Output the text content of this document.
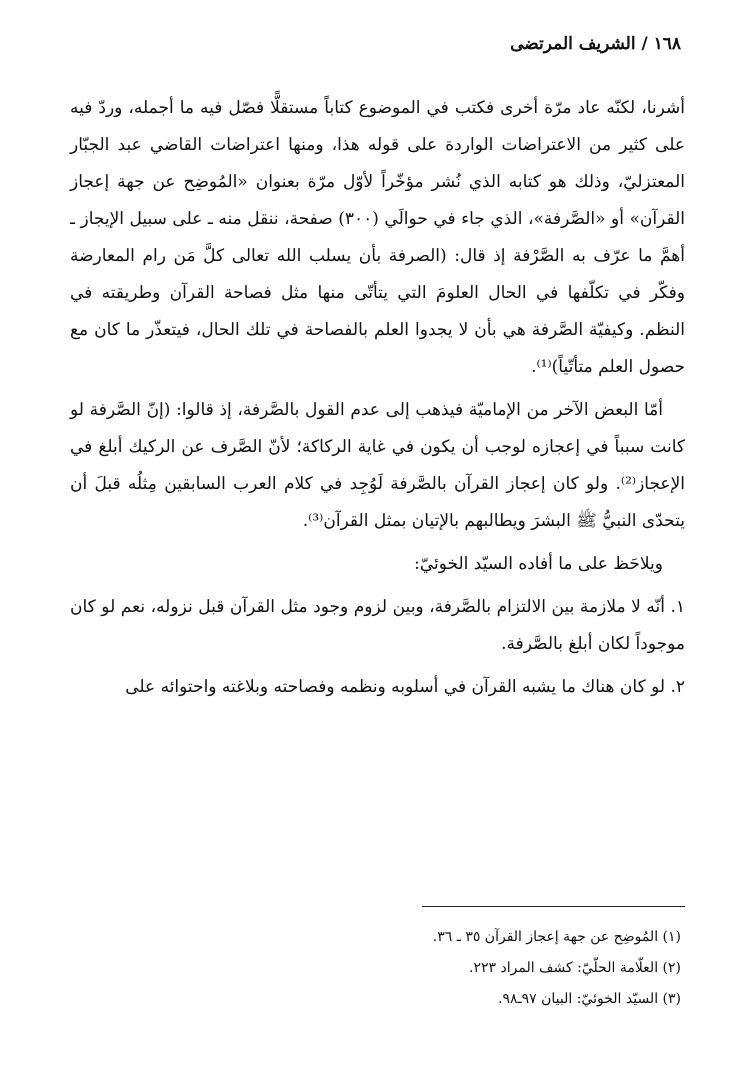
١٦٨ / الشريف المرتضى

أشرنا، لكنّه عاد مرّة أخرى فكتب في الموضوع كتاباً مستقلًّا فصّل فيه ما أجمله، وردّ فيه على كثير من الاعتراضات الواردة على قوله هذا، ومنها اعتراضات القاضي عبد الجبّار المعتزليّ، وذلك هو كتابه الذي نُشر مؤخّراً لأوّل مرّة بعنوان «المُوضِح عن جهة إعجاز القرآن» أو «الصَّرفة»، الذي جاء في حوالَي (٣٠٠) صفحة، ننقل منه ـ على سبيل الإيجاز ـ أهمَّ ما عرّف به الصَّرْفة إذ قال: (الصرفة بأن يسلب الله تعالى كلَّ مَن رام المعارضة وفكّر في تكلّفها في الحال العلومَ التي يتأتّى منها مثل فصاحة القرآن وطريقته في النظم. وكيفيّة الصَّرفة هي بأن لا يجدوا العلم بالفصاحة في تلك الحال، فيتعذّر ما كان مع حصول العلم متأتّياً)⁽¹⁾.

أمّا البعض الآخر من الإماميّة فيذهب إلى عدم القول بالصَّرفة، إذ قالوا: (إنّ الصَّرفة لو كانت سبباً في إعجازه لوجب أن يكون في غاية الركاكة؛ لأنّ الصَّرف عن الركيك أبلغ في الإعجاز⁽²⁾. ولو كان إعجاز القرآن بالصَّرفة لَوُجِد في كلام العرب السابقين مِثلُه قبلَ أن يتحدّى النبيُّ ﷺ البشرَ ويطالبهم بالإتيان بمثل القرآن⁽³⁾.

ويلاحَظ على ما أفاده السيّد الخوئيّ:

١. أنّه لا ملازمة بين الالتزام بالصَّرفة، وبين لزوم وجود مثل القرآن قبل نزوله، نعم لو كان موجوداً لكان أبلغ بالصَّرفة.

٢. لو كان هناك ما يشبه القرآن في أسلوبه ونظمه وفصاحته وبلاغته واحتوائه على

(١) المُوضِح عن جهة إعجاز القرآن ٣٥ ـ ٣٦.
(٢) العلّامة الحلّيّ: كشف المراد ٢٢٣.
(٣) السيّد الخوئيّ: البيان ٩٧ـ٩٨.
